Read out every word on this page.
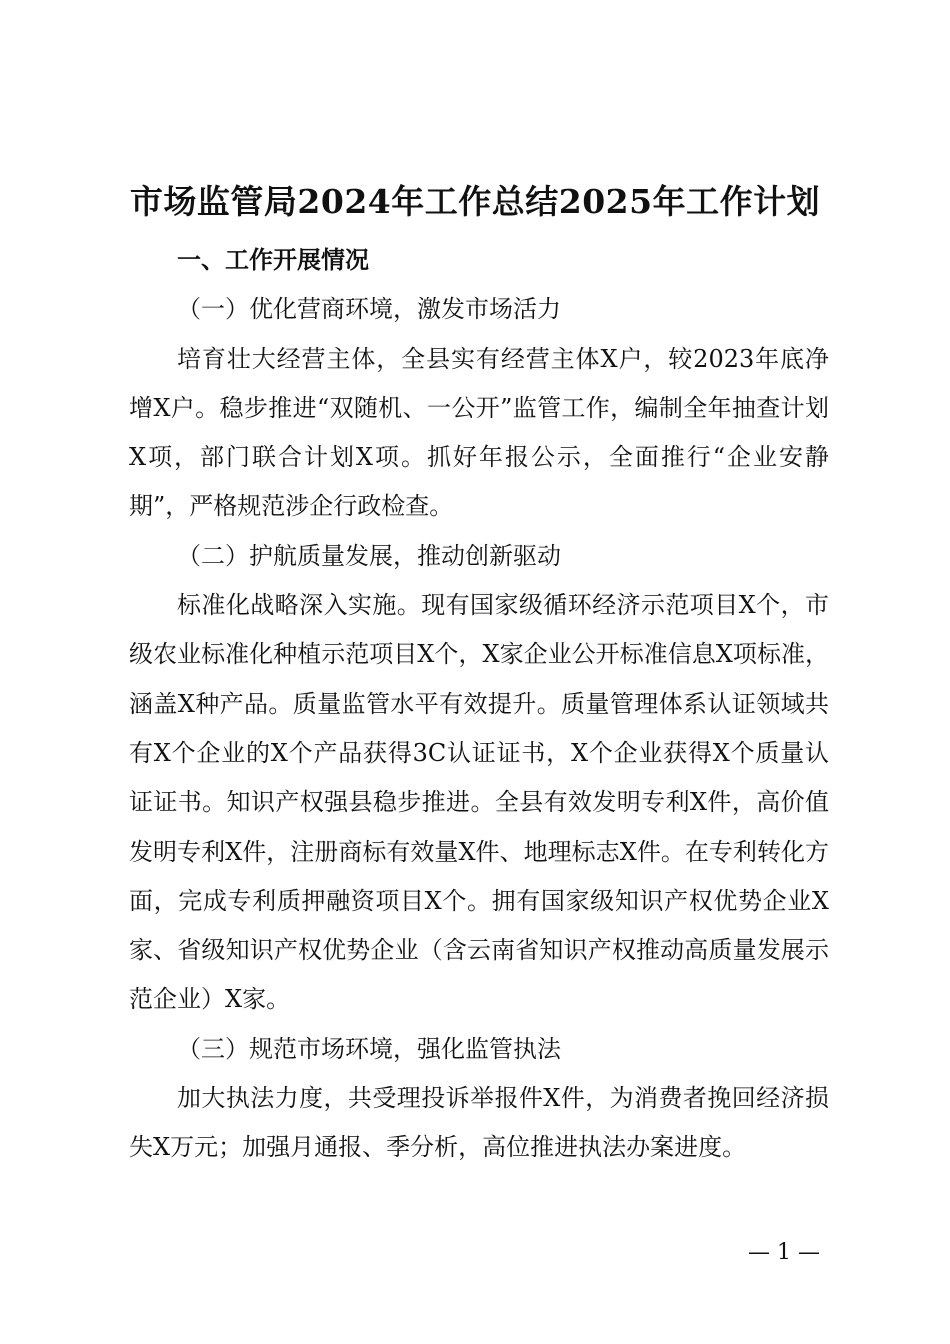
市场监管局2024年工作总结2025年工作计划

一、工作开展情况

（一）优化营商环境，激发市场活力

培育壮大经营主体，全县实有经营主体X户，较2023年底净增X户。稳步推进“双随机、一公开”监管工作，编制全年抽查计划X项，部门联合计划X项。抓好年报公示，全面推行“企业安静期”，严格规范涉企行政检查。

（二）护航质量发展，推动创新驱动

标准化战略深入实施。现有国家级循环经济示范项目X个，市级农业标准化种植示范项目X个，X家企业公开标准信息X项标准，涵盖X种产品。质量监管水平有效提升。质量管理体系认证领域共有X个企业的X个产品获得3C认证证书，X个企业获得X个质量认证证书。知识产权强县稳步推进。全县有效发明专利X件，高价值发明专利X件，注册商标有效量X件、地理标志X件。在专利转化方面，完成专利质押融资项目X个。拥有国家级知识产权优势企业X家、省级知识产权优势企业（含云南省知识产权推动高质量发展示范企业）X家。

（三）规范市场环境，强化监管执法

加大执法力度，共受理投诉举报件X件，为消费者挽回经济损失X万元；加强月通报、季分析，高位推进执法办案进度。

— 1 —
